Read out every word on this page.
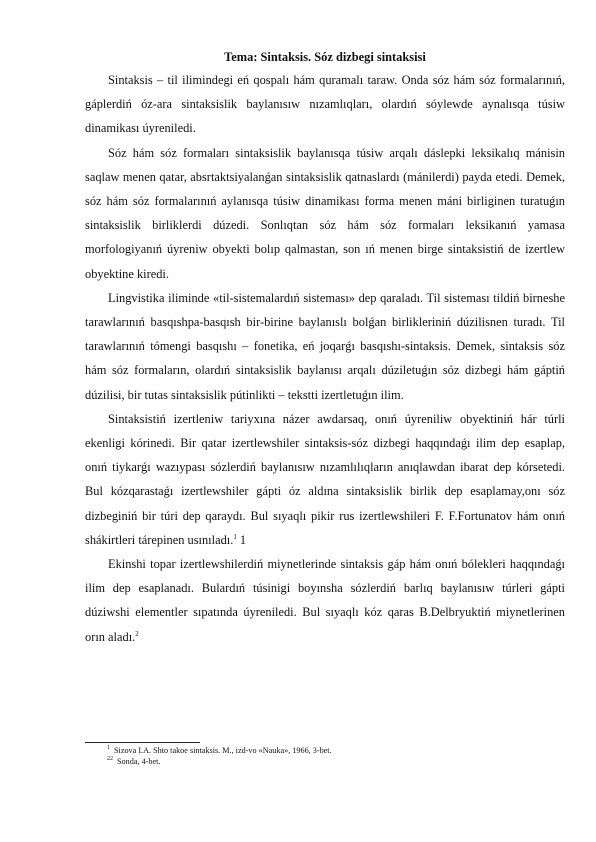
Tema: Sintaksis. Sóz dizbegi sintaksisi

Sintaksis – til ilimindegi eń qospalı hám quramalı taraw. Onda sóz hám sóz formalarınıń, gáplerdiń óz-ara sintaksislik baylanısıw nızamlıqları, olardıń sóylewde aynalısqa túsiw dinamikası úyreniledi.

Sóz hám sóz formaları sintaksislik baylanısqa túsiw arqalı dáslepki leksikalıq mánisin saqlaw menen qatar, absrtaktsiyalanǵan sintaksislik qatnaslardı (mánilerdi) payda etedi. Demek, sóz hám sóz formalarınıń aylanısqa túsiw dinamikası forma menen máni birliginen turatuǵın sintaksislik birliklerdi dúzedi. Sonlıqtan sóz hám sóz formaları leksikanıń yamasa morfologiyanıń úyreniw obyekti bolıp qalmastan, son ıń menen birge sintaksistiń de izertlew obyektine kiredi.

Lingvistika iliminde «til-sistemalardıń sisteması» dep qaraladı. Til sisteması tildiń birneshe tarawlarınıń basqıshpa-basqısh bir-birine baylanıslı bolǵan birlikleriniń dúzilisnen turadı. Til tarawlarınıń tómengi basqıshı – fonetika, eń joqarǵı basqıshı-sintaksis. Demek, sintaksis sóz hám sóz formaların, olardıń sintaksislik baylanısı arqalı dúziletuǵın sóz dizbegi hám gáptiń dúzilisi, bir tutas sintaksislik pútinlikti – tekstti izertletuǵın ilim.

Sintaksistiń izertleniw tariyxına názer awdarsaq, onıń úyreniliw obyektiniń hár túrli ekenligi kórinedi. Bir qatar izertlewshiler sintaksis-sóz dizbegi haqqındaǵı ilim dep esaplap, onıń tiykarǵı wazıypası sózlerdiń baylanısıw nızamlılıqların anıqlawdan ibarat dep kórsetedi. Bul kózqarastaǵı izertlewshiler gápti óz aldına sintaksislik birlik dep esaplamay,onı sóz dizbeginiń bir túri dep qaraydı. Bul sıyaqlı pikir rus izertlewshileri F. F.Fortunatov hám onıń shákirtleri tárepinen usınıladı.$^1$ 1

Ekinshi topar izertlewshilerdiń miynetlerinde sintaksis gáp hám onıń bólekleri haqqındaǵı ilim dep esaplanadı. Bulardıń túsinigi boyınsha sózlerdiń barlıq baylanısıw túrleri gápti dúziwshi elementler sıpatında úyreniledi. Bul sıyaqlı kóz qaras B.Delbryuktiń miynetlerinen orın aladı.$^2$

$^1$ Sizova I.A. Shto takoe sintaksis. M., izd-vo «Nauka», 1966, 3-bet.

$^{22}$ Sonda, 4-bet.
